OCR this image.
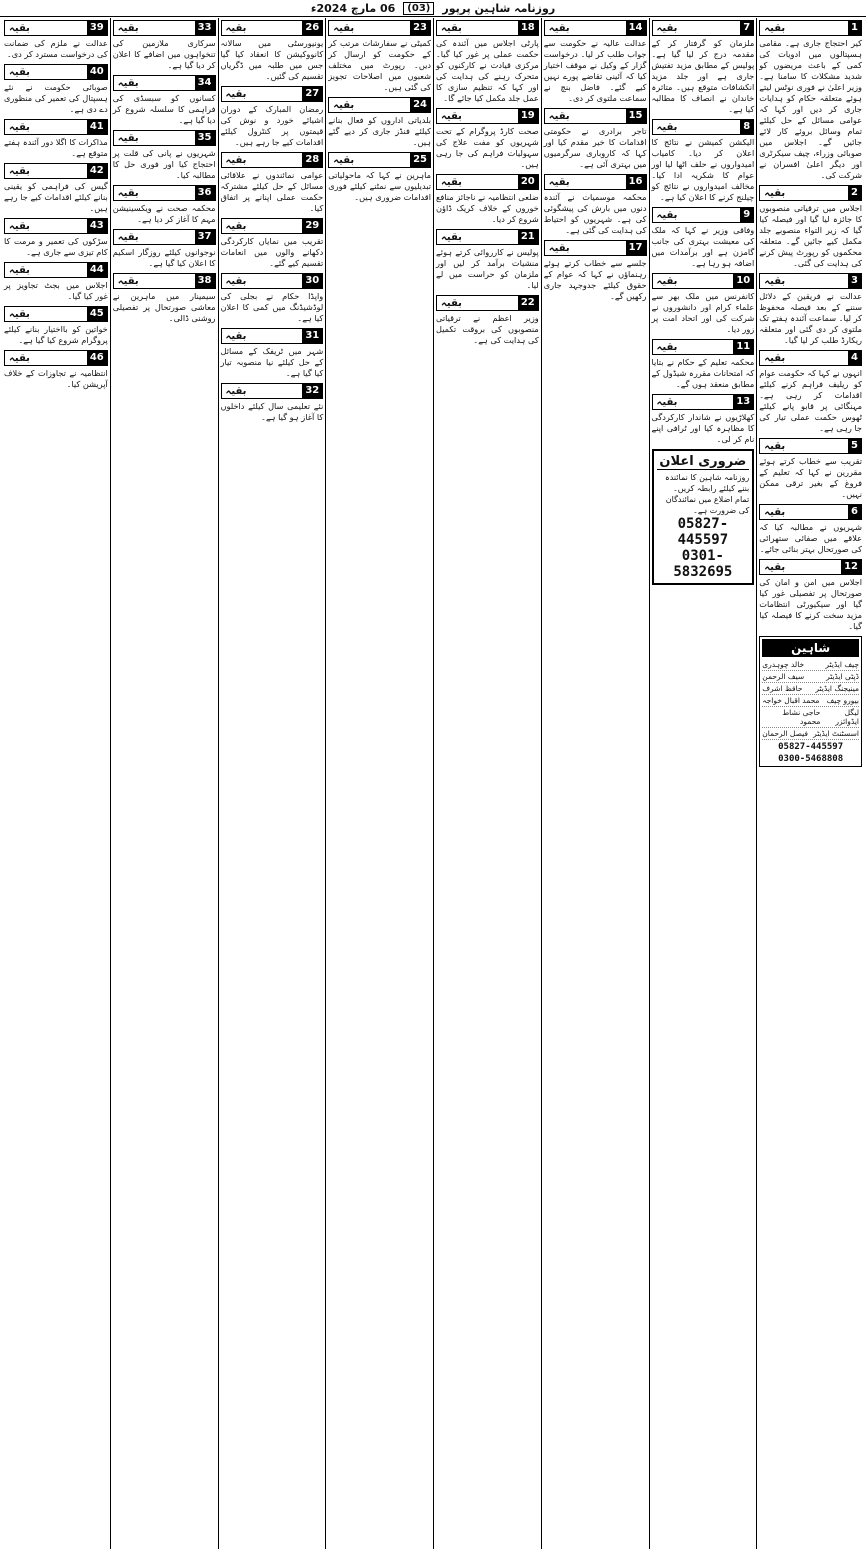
روزنامہ شاہین پرپور
(03)
06 مارچ 2024ء
1
بقیہ
کیر احتجاج جاری ہے۔ مقامی ہسپتالوں میں ادویات کی کمی کے باعث مریضوں کو شدید مشکلات کا سامنا ہے۔ وزیر اعلیٰ نے فوری نوٹس لیتے ہوئے متعلقہ حکام کو ہدایات جاری کر دیں اور کہا کہ عوامی مسائل کے حل کیلئے تمام وسائل بروئے کار لائے جائیں گے۔ اجلاس میں صوبائی وزراء، چیف سیکرٹری اور دیگر اعلیٰ افسران نے شرکت کی۔
2
بقیہ
اجلاس میں ترقیاتی منصوبوں کا جائزہ لیا گیا اور فیصلہ کیا گیا کہ زیر التواء منصوبے جلد مکمل کیے جائیں گے۔ متعلقہ محکموں کو رپورٹ پیش کرنے کی ہدایت کی گئی۔
3
بقیہ
عدالت نے فریقین کے دلائل سننے کے بعد فیصلہ محفوظ کر لیا۔ سماعت آئندہ ہفتے تک ملتوی کر دی گئی اور متعلقہ ریکارڈ طلب کر لیا گیا۔
4
بقیہ
انہوں نے کہا کہ حکومت عوام کو ریلیف فراہم کرنے کیلئے اقدامات کر رہی ہے۔ مہنگائی پر قابو پانے کیلئے ٹھوس حکمت عملی تیار کی جا رہی ہے۔
5
بقیہ
تقریب سے خطاب کرتے ہوئے مقررین نے کہا کہ تعلیم کے فروغ کے بغیر ترقی ممکن نہیں۔
6
بقیہ
شہریوں نے مطالبہ کیا کہ علاقے میں صفائی ستھرائی کی صورتحال بہتر بنائی جائے۔
12
بقیہ
اجلاس میں امن و امان کی صورتحال پر تفصیلی غور کیا گیا اور سیکیورٹی انتظامات مزید سخت کرنے کا فیصلہ کیا گیا۔
شاہین
چیف ایڈیٹر
خالد چوہدری
ڈپٹی ایڈیٹر
سیف الرحمن
مینیجنگ ایڈیٹر
حافظ اشرف
بیورو چیف
محمد اقبال خواجہ
لیگل ایڈوائزر
حاجی نشاط محمود
اسسٹنٹ ایڈیٹر
فیصل الرحمان
05827-445597
0300-5468808
7
بقیہ
ملزمان کو گرفتار کر کے مقدمہ درج کر لیا گیا ہے۔ پولیس کے مطابق مزید تفتیش جاری ہے اور جلد مزید انکشافات متوقع ہیں۔ متاثرہ خاندان نے انصاف کا مطالبہ کیا ہے۔
8
بقیہ
الیکشن کمیشن نے نتائج کا اعلان کر دیا۔ کامیاب امیدواروں نے حلف اٹھا لیا اور عوام کا شکریہ ادا کیا۔ مخالف امیدواروں نے نتائج کو چیلنج کرنے کا اعلان کیا ہے۔
9
بقیہ
وفاقی وزیر نے کہا کہ ملک کی معیشت بہتری کی جانب گامزن ہے اور برآمدات میں اضافہ ہو رہا ہے۔
10
بقیہ
کانفرنس میں ملک بھر سے علماء کرام اور دانشوروں نے شرکت کی اور اتحاد امت پر زور دیا۔
11
بقیہ
محکمہ تعلیم کے حکام نے بتایا کہ امتحانات مقررہ شیڈول کے مطابق منعقد ہوں گے۔
13
بقیہ
کھلاڑیوں نے شاندار کارکردگی کا مظاہرہ کیا اور ٹرافی اپنے نام کر لی۔
ضروری اعلان
روزنامہ شاہین کا نمائندہ بننے کیلئے رابطہ کریں۔ تمام اضلاع میں نمائندگان کی ضرورت ہے۔
05827-445597
0301-5832695
14
بقیہ
عدالت عالیہ نے حکومت سے جواب طلب کر لیا۔ درخواست گزار کے وکیل نے موقف اختیار کیا کہ آئینی تقاضے پورے نہیں کیے گئے۔ فاضل بنچ نے سماعت ملتوی کر دی۔
15
بقیہ
تاجر برادری نے حکومتی اقدامات کا خیر مقدم کیا اور کہا کہ کاروباری سرگرمیوں میں بہتری آئی ہے۔
16
بقیہ
محکمہ موسمیات نے آئندہ دنوں میں بارش کی پیشگوئی کی ہے۔ شہریوں کو احتیاط کی ہدایت کی گئی ہے۔
17
بقیہ
جلسے سے خطاب کرتے ہوئے رہنماؤں نے کہا کہ عوام کے حقوق کیلئے جدوجہد جاری رکھیں گے۔
18
بقیہ
پارٹی اجلاس میں آئندہ کی حکمت عملی پر غور کیا گیا۔ مرکزی قیادت نے کارکنوں کو متحرک رہنے کی ہدایت کی اور کہا کہ تنظیم سازی کا عمل جلد مکمل کیا جائے گا۔
19
بقیہ
صحت کارڈ پروگرام کے تحت شہریوں کو مفت علاج کی سہولیات فراہم کی جا رہی ہیں۔
20
بقیہ
ضلعی انتظامیہ نے ناجائز منافع خوروں کے خلاف کریک ڈاؤن شروع کر دیا۔
21
بقیہ
پولیس نے کارروائی کرتے ہوئے منشیات برآمد کر لیں اور ملزمان کو حراست میں لے لیا۔
22
بقیہ
وزیر اعظم نے ترقیاتی منصوبوں کی بروقت تکمیل کی ہدایت کی ہے۔
23
بقیہ
کمیٹی نے سفارشات مرتب کر کے حکومت کو ارسال کر دیں۔ رپورٹ میں مختلف شعبوں میں اصلاحات تجویز کی گئی ہیں۔
24
بقیہ
بلدیاتی اداروں کو فعال بنانے کیلئے فنڈز جاری کر دیے گئے ہیں۔
25
بقیہ
ماہرین نے کہا کہ ماحولیاتی تبدیلیوں سے نمٹنے کیلئے فوری اقدامات ضروری ہیں۔
26
بقیہ
یونیورسٹی میں سالانہ کانووکیشن کا انعقاد کیا گیا جس میں طلبہ میں ڈگریاں تقسیم کی گئیں۔
27
بقیہ
رمضان المبارک کے دوران اشیائے خورد و نوش کی قیمتوں پر کنٹرول کیلئے اقدامات کیے جا رہے ہیں۔
28
بقیہ
عوامی نمائندوں نے علاقائی مسائل کے حل کیلئے مشترکہ حکمت عملی اپنانے پر اتفاق کیا۔
29
بقیہ
تقریب میں نمایاں کارکردگی دکھانے والوں میں انعامات تقسیم کیے گئے۔
30
بقیہ
واپڈا حکام نے بجلی کی لوڈشیڈنگ میں کمی کا اعلان کیا ہے۔
31
بقیہ
شہر میں ٹریفک کے مسائل کے حل کیلئے نیا منصوبہ تیار کیا گیا ہے۔
32
بقیہ
نئے تعلیمی سال کیلئے داخلوں کا آغاز ہو گیا ہے۔
33
بقیہ
سرکاری ملازمین کی تنخواہوں میں اضافے کا اعلان کر دیا گیا ہے۔
34
بقیہ
کسانوں کو سبسڈی کی فراہمی کا سلسلہ شروع کر دیا گیا ہے۔
35
بقیہ
شہریوں نے پانی کی قلت پر احتجاج کیا اور فوری حل کا مطالبہ کیا۔
36
بقیہ
محکمہ صحت نے ویکسینیشن مہم کا آغاز کر دیا ہے۔
37
بقیہ
نوجوانوں کیلئے روزگار اسکیم کا اعلان کیا گیا ہے۔
38
بقیہ
سیمینار میں ماہرین نے معاشی صورتحال پر تفصیلی روشنی ڈالی۔
39
بقیہ
عدالت نے ملزم کی ضمانت کی درخواست مسترد کر دی۔
40
بقیہ
صوبائی حکومت نے نئے ہسپتال کی تعمیر کی منظوری دے دی ہے۔
41
بقیہ
مذاکرات کا اگلا دور آئندہ ہفتے متوقع ہے۔
42
بقیہ
گیس کی فراہمی کو یقینی بنانے کیلئے اقدامات کیے جا رہے ہیں۔
43
بقیہ
سڑکوں کی تعمیر و مرمت کا کام تیزی سے جاری ہے۔
44
بقیہ
اجلاس میں بجٹ تجاویز پر غور کیا گیا۔
45
بقیہ
خواتین کو بااختیار بنانے کیلئے پروگرام شروع کیا گیا ہے۔
46
بقیہ
انتظامیہ نے تجاوزات کے خلاف آپریشن کیا۔
